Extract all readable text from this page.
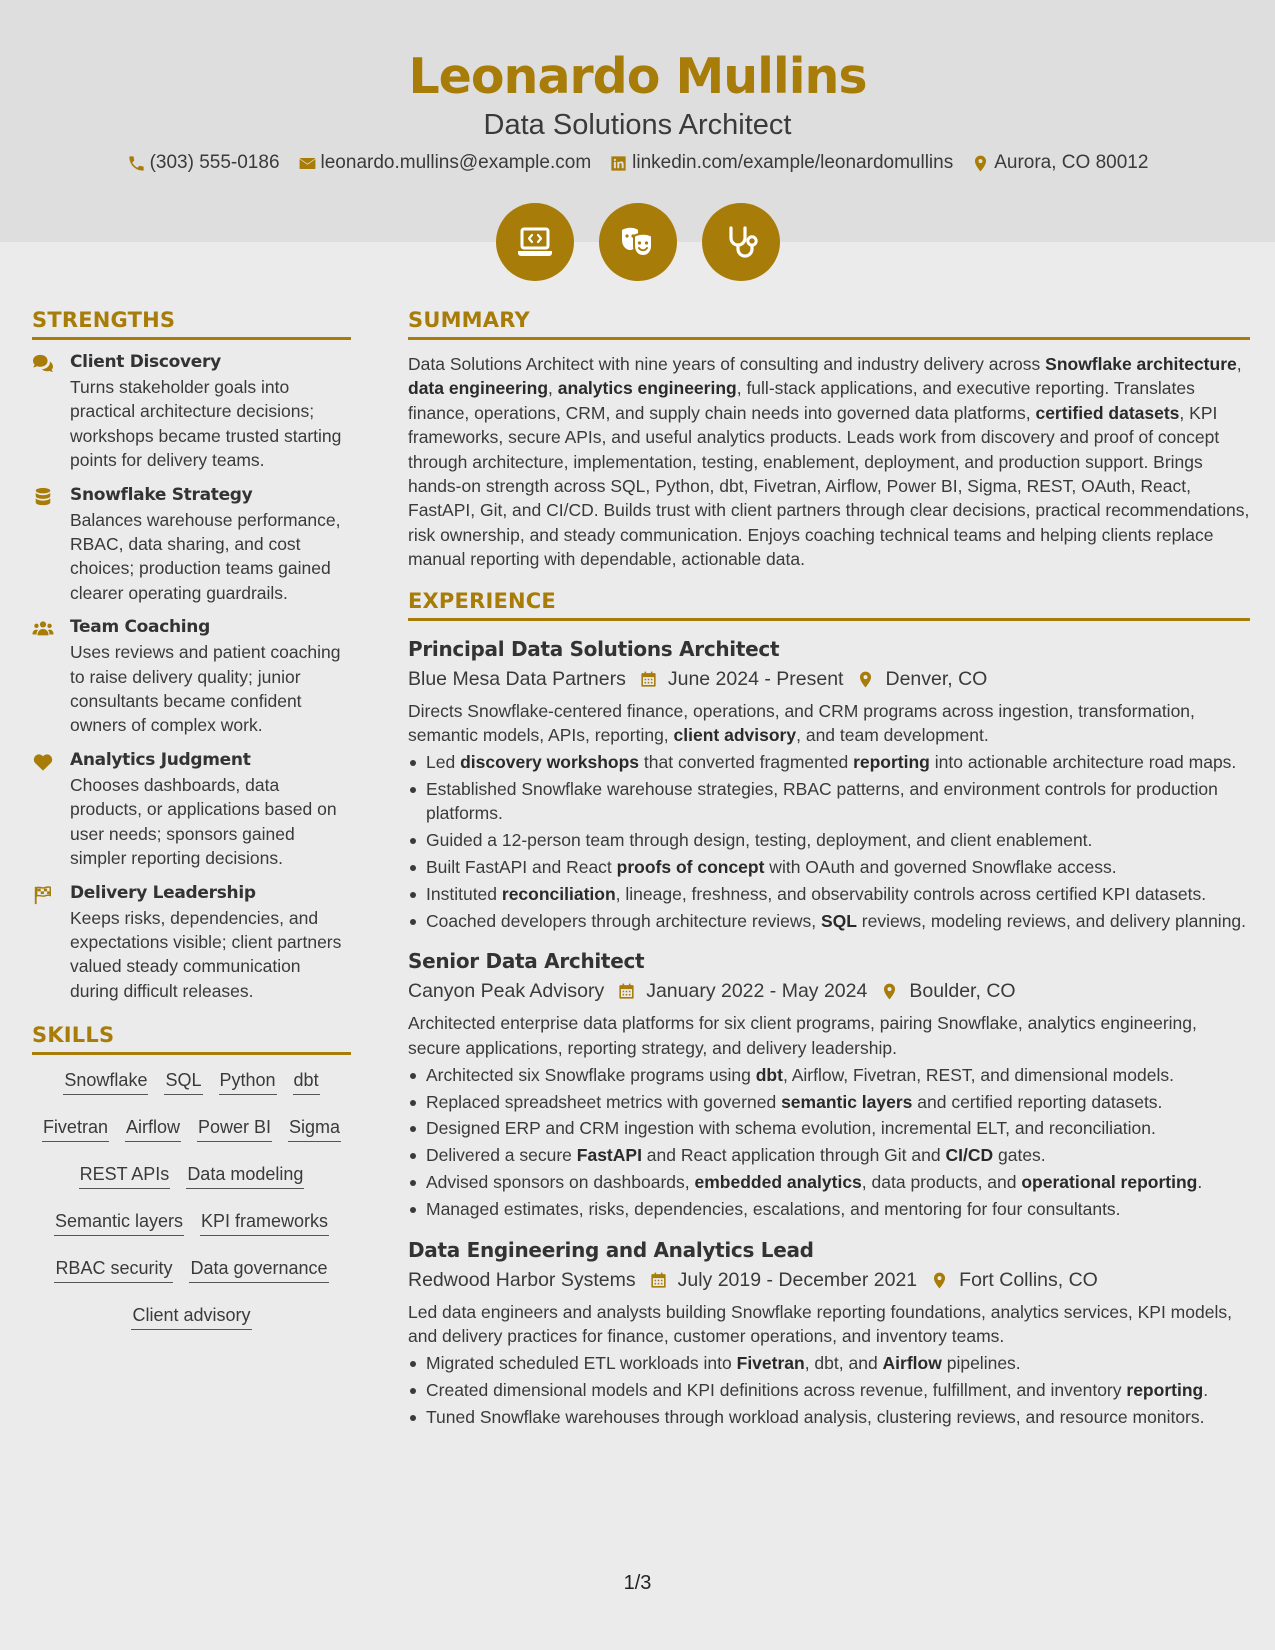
Leonardo Mullins
Data Solutions Architect
(303) 555-0186 leonardo.mullins@example.com linkedin.com/example/leonardomullins Aurora, CO 80012
STRENGTHS
Client Discovery
Turns stakeholder goals into practical architecture decisions; workshops became trusted starting points for delivery teams.
Snowflake Strategy
Balances warehouse performance, RBAC, data sharing, and cost choices; production teams gained clearer operating guardrails.
Team Coaching
Uses reviews and patient coaching to raise delivery quality; junior consultants became confident owners of complex work.
Analytics Judgment
Chooses dashboards, data products, or applications based on user needs; sponsors gained simpler reporting decisions.
Delivery Leadership
Keeps risks, dependencies, and expectations visible; client partners valued steady communication during difficult releases.
SKILLS
Snowflake SQL Python dbt
Fivetran Airflow Power BI Sigma
REST APIs Data modeling
Semantic layers KPI frameworks
RBAC security Data governance
Client advisory
SUMMARY
Data Solutions Architect with nine years of consulting and industry delivery across Snowflake architecture, data engineering, analytics engineering, full-stack applications, and executive reporting. Translates finance, operations, CRM, and supply chain needs into governed data platforms, certified datasets, KPI frameworks, secure APIs, and useful analytics products. Leads work from discovery and proof of concept through architecture, implementation, testing, enablement, deployment, and production support. Brings hands-on strength across SQL, Python, dbt, Fivetran, Airflow, Power BI, Sigma, REST, OAuth, React, FastAPI, Git, and CI/CD. Builds trust with client partners through clear decisions, practical recommendations, risk ownership, and steady communication. Enjoys coaching technical teams and helping clients replace manual reporting with dependable, actionable data.
EXPERIENCE
Principal Data Solutions Architect
Blue Mesa Data Partners June 2024 - Present Denver, CO
Directs Snowflake-centered finance, operations, and CRM programs across ingestion, transformation, semantic models, APIs, reporting, client advisory, and team development.
Led discovery workshops that converted fragmented reporting into actionable architecture road maps.
Established Snowflake warehouse strategies, RBAC patterns, and environment controls for production platforms.
Guided a 12-person team through design, testing, deployment, and client enablement.
Built FastAPI and React proofs of concept with OAuth and governed Snowflake access.
Instituted reconciliation, lineage, freshness, and observability controls across certified KPI datasets.
Coached developers through architecture reviews, SQL reviews, modeling reviews, and delivery planning.
Senior Data Architect
Canyon Peak Advisory January 2022 - May 2024 Boulder, CO
Architected enterprise data platforms for six client programs, pairing Snowflake, analytics engineering, secure applications, reporting strategy, and delivery leadership.
Architected six Snowflake programs using dbt, Airflow, Fivetran, REST, and dimensional models.
Replaced spreadsheet metrics with governed semantic layers and certified reporting datasets.
Designed ERP and CRM ingestion with schema evolution, incremental ELT, and reconciliation.
Delivered a secure FastAPI and React application through Git and CI/CD gates.
Advised sponsors on dashboards, embedded analytics, data products, and operational reporting.
Managed estimates, risks, dependencies, escalations, and mentoring for four consultants.
Data Engineering and Analytics Lead
Redwood Harbor Systems July 2019 - December 2021 Fort Collins, CO
Led data engineers and analysts building Snowflake reporting foundations, analytics services, KPI models, and delivery practices for finance, customer operations, and inventory teams.
Migrated scheduled ETL workloads into Fivetran, dbt, and Airflow pipelines.
Created dimensional models and KPI definitions across revenue, fulfillment, and inventory reporting.
Tuned Snowflake warehouses through workload analysis, clustering reviews, and resource monitors.
1/3
